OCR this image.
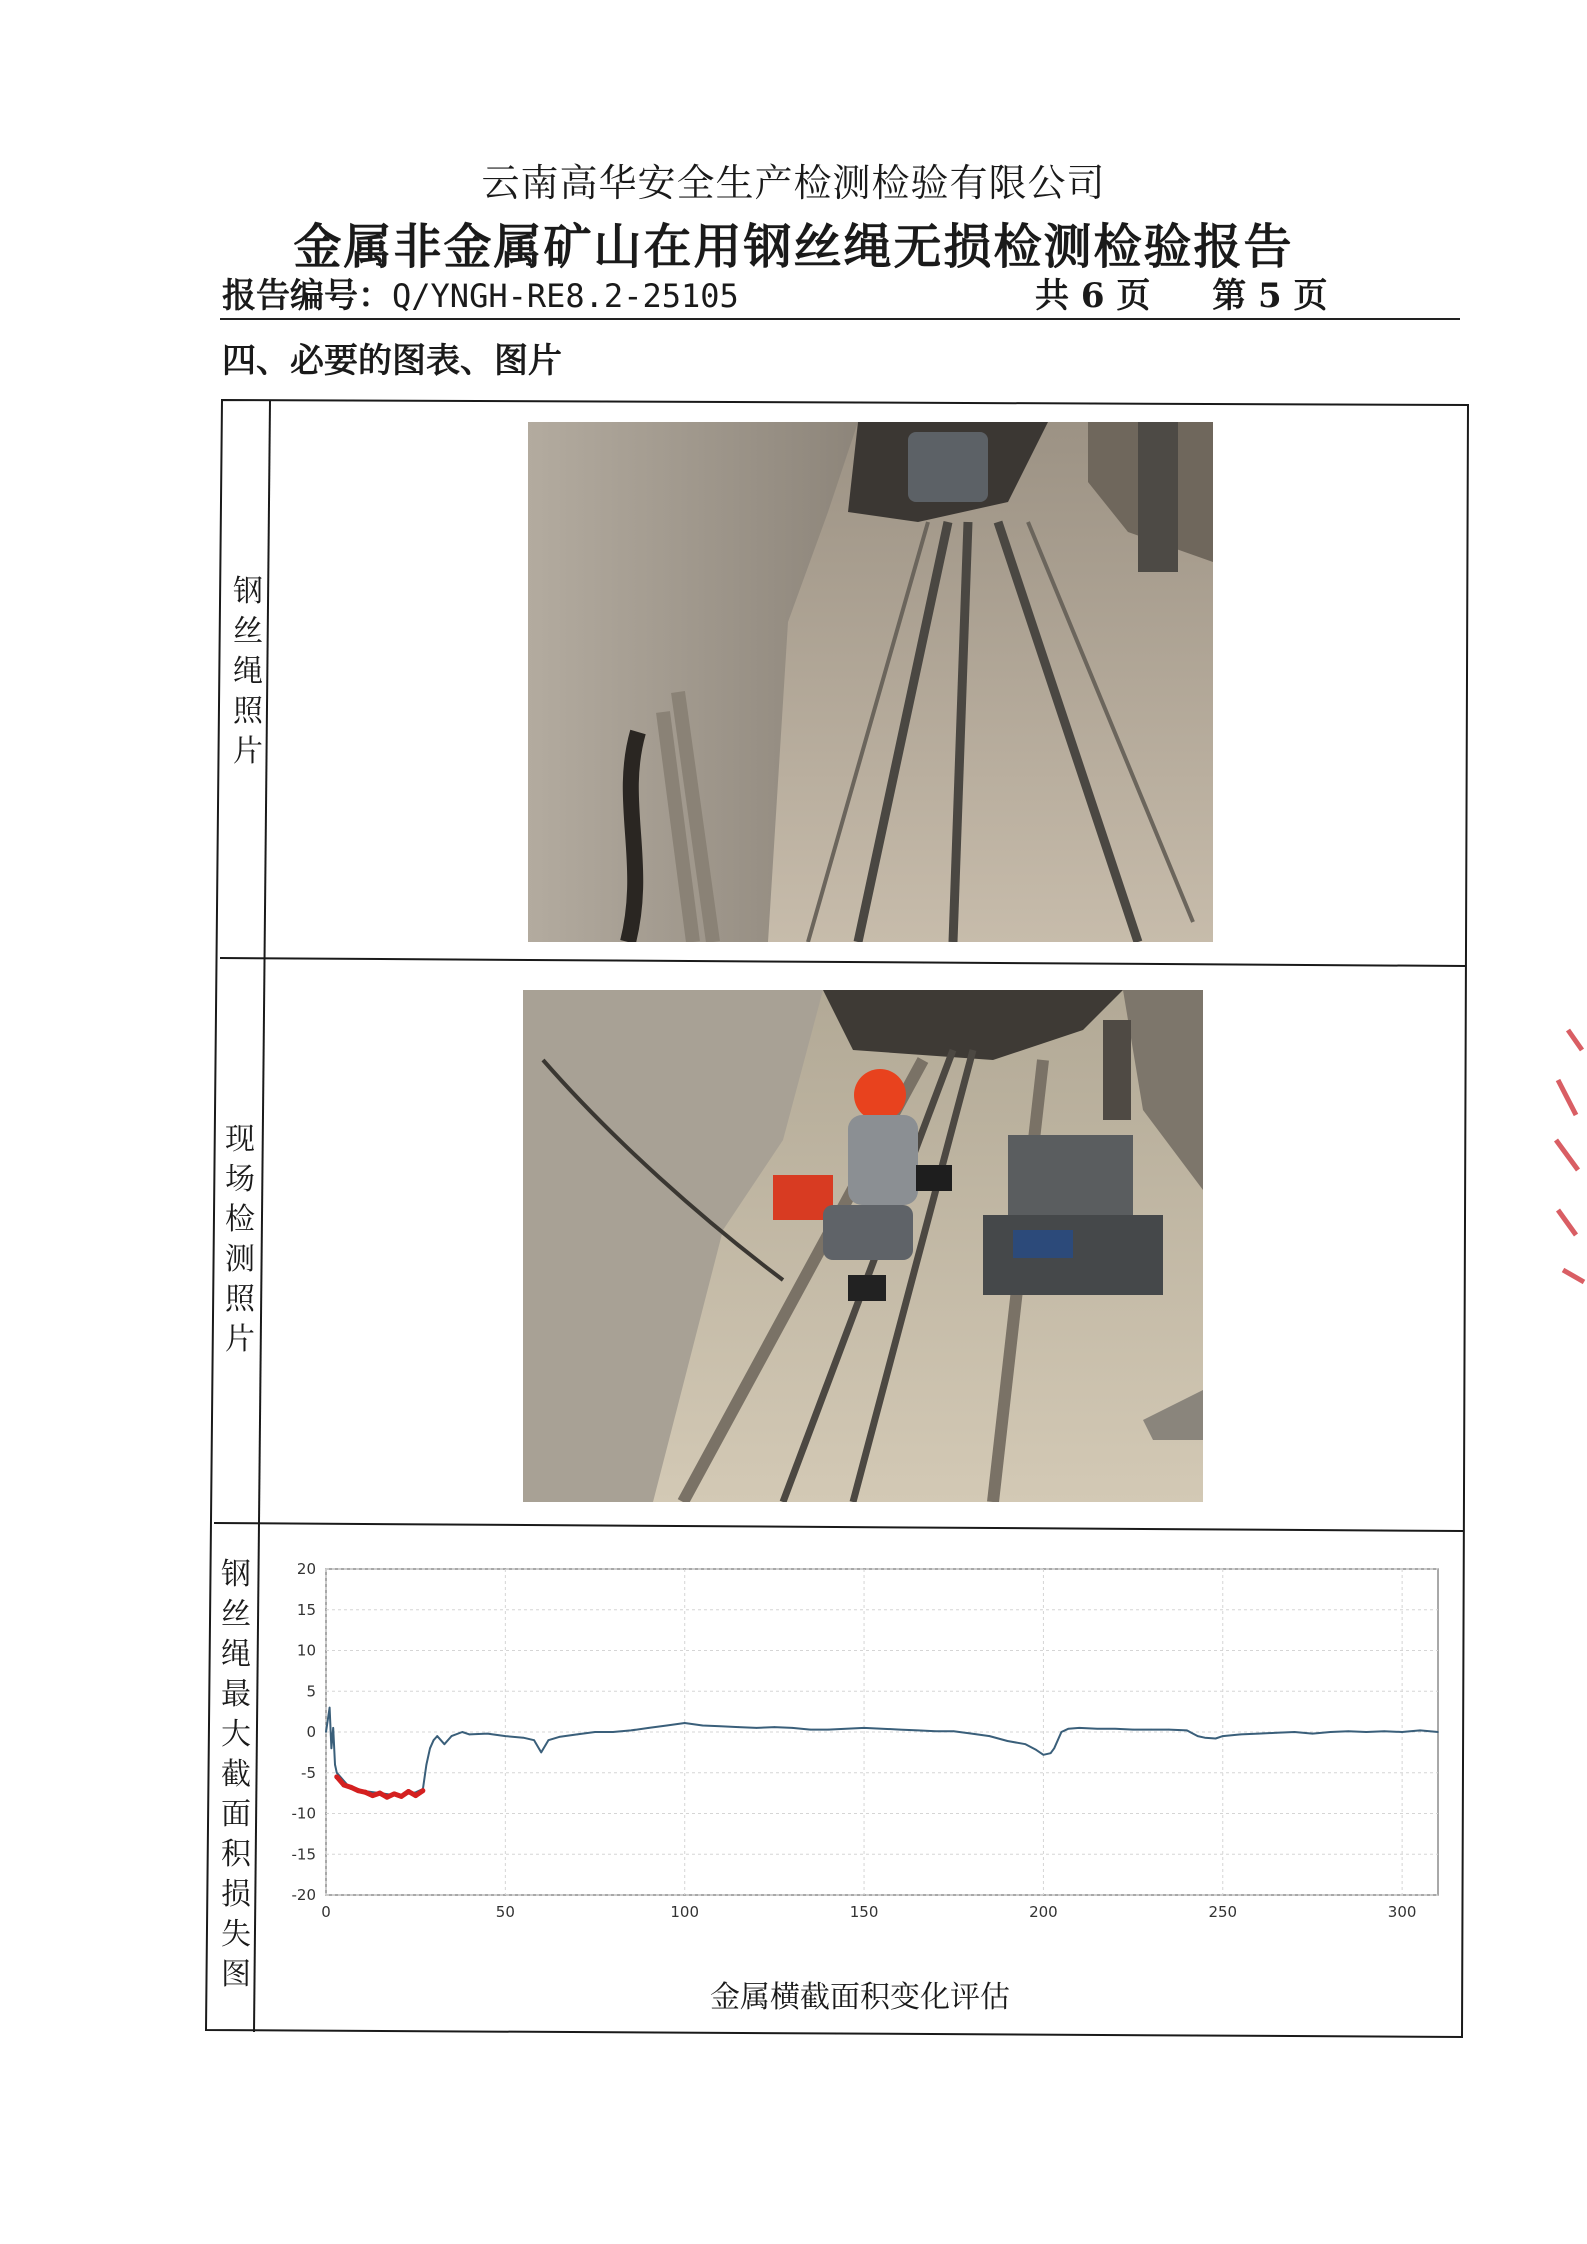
云南高华安全生产检测检验有限公司
金属非金属矿山在用钢丝绳无损检测检验报告
报告编号：Q/YNGH-RE8.2-25105	共 6 页 第 5 页
四、必要的图表、图片
钢
丝
绳
照
片
现
场
检
测
照
片
钢
丝
绳
最
大
截
面
积
损
失
图
20
15
10
5
0
-5
-10
-15
-20
0	50	100	150	200	250	300
金属横截面积变化评估
